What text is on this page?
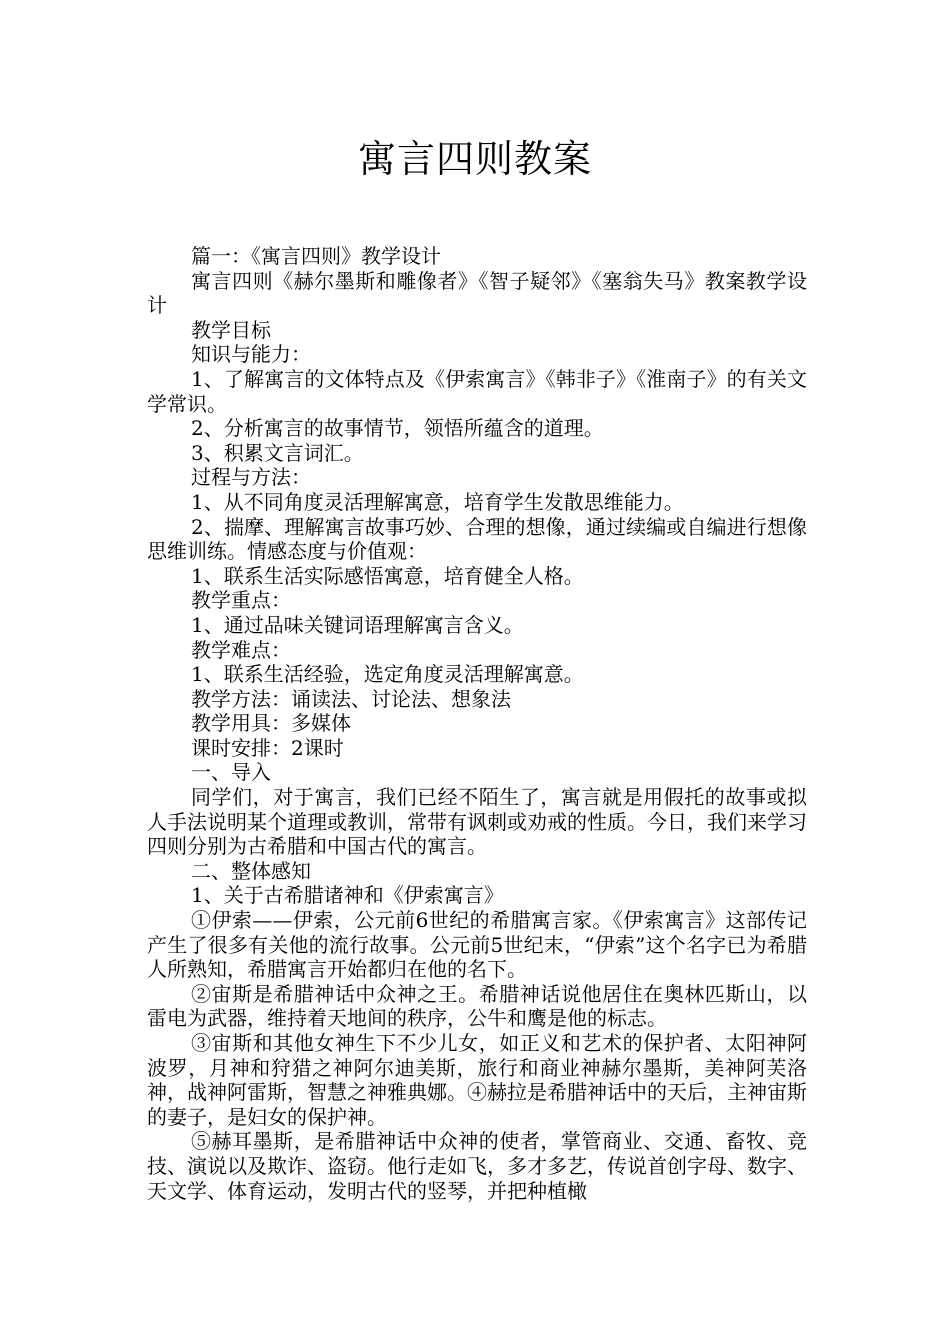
寓言四则教案

篇一：《寓言四则》教学设计

寓言四则《赫尔墨斯和雕像者》《智子疑邻》《塞翁失马》教案教学设计

教学目标

知识与能力：

1、了解寓言的文体特点及《伊索寓言》《韩非子》《淮南子》的有关文学常识。

2、分析寓言的故事情节，领悟所蕴含的道理。

3、积累文言词汇。

过程与方法：

1、从不同角度灵活理解寓意，培育学生发散思维能力。

2、揣摩、理解寓言故事巧妙、合理的想像，通过续编或自编进行想像思维训练。情感态度与价值观：

1、联系生活实际感悟寓意，培育健全人格。

教学重点：

1、通过品味关键词语理解寓言含义。

教学难点：

1、联系生活经验，选定角度灵活理解寓意。

教学方法：诵读法、讨论法、想象法

教学用具：多媒体

课时安排：2课时

一、导入

同学们，对于寓言，我们已经不陌生了，寓言就是用假托的故事或拟人手法说明某个道理或教训，常带有讽刺或劝戒的性质。今日，我们来学习四则分别为古希腊和中国古代的寓言。

二、整体感知

1、关于古希腊诸神和《伊索寓言》

①伊索——伊索，公元前6世纪的希腊寓言家。《伊索寓言》这部传记产生了很多有关他的流行故事。公元前5世纪末，“伊索”这个名字已为希腊人所熟知，希腊寓言开始都归在他的名下。

②宙斯是希腊神话中众神之王。希腊神话说他居住在奥林匹斯山，以雷电为武器，维持着天地间的秩序，公牛和鹰是他的标志。

③宙斯和其他女神生下不少儿女，如正义和艺术的保护者、太阳神阿波罗，月神和狩猎之神阿尔迪美斯，旅行和商业神赫尔墨斯，美神阿芙洛神，战神阿雷斯，智慧之神雅典娜。④赫拉是希腊神话中的天后，主神宙斯的妻子，是妇女的保护神。

⑤赫耳墨斯，是希腊神话中众神的使者，掌管商业、交通、畜牧、竞技、演说以及欺诈、盗窃。他行走如飞，多才多艺，传说首创字母、数字、天文学、体育运动，发明古代的竖琴，并把种植橄
